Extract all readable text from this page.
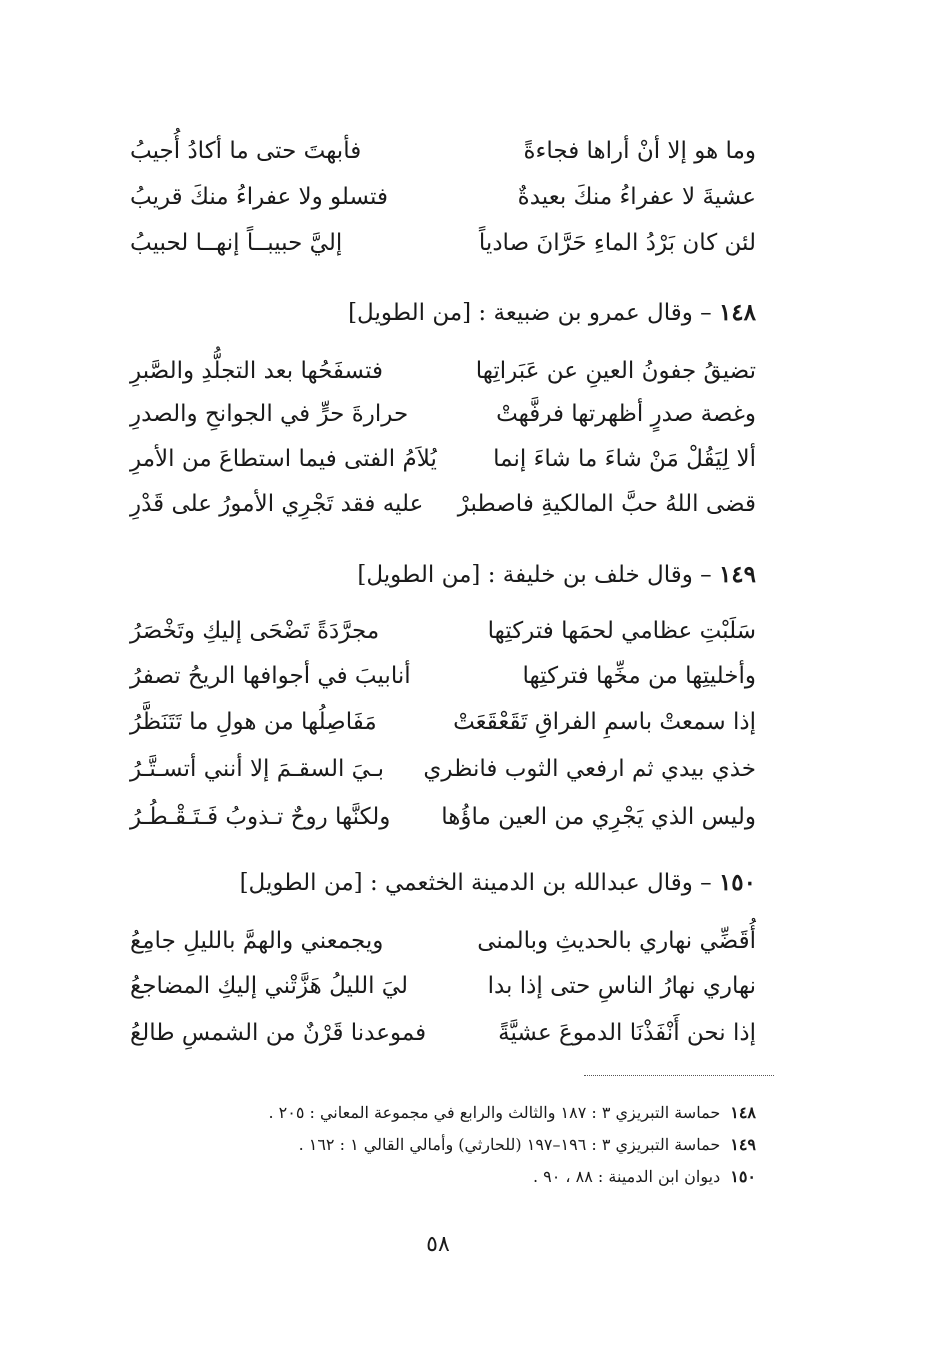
وما هو إلا أنْ أراها فجاءةً
فأبهتَ حتى ما أكادُ أُجيبُ
عشيةَ لا عفراءُ منكَ بعيدةٌ
فتسلو ولا عفراءُ منكَ قريبُ
لئن كان بَرْدُ الماءِ حَرَّانَ صادياً
إليَّ حبيبــاً إنهــا لحبيبُ
١٤٨ – وقال عمرو بن ضبيعة : [من الطويل]
تضيقُ جفونُ العينِ عن عَبَراتِها
فتسفَحُها بعد التجلُّدِ والصَّبرِ
وغصة صدرٍ أظهرتها فرفَّهتْ
حرارةَ حرٍّ في الجوانحِ والصدرِ
ألا لِيَقُلْ مَنْ شاءَ ما شاءَ إنما
يُلاَمُ الفتى فيما استطاعَ من الأمرِ
قضى اللهُ حبَّ المالكيةِ فاصطبرْ
عليه فقد تَجْرِي الأمورُ على قَدْرِ
١٤٩ – وقال خلف بن خليفة : [من الطويل]
سَلَبْتِ عظامي لحمَها فتركتِها
مجرَّدَةً تَضْحَى إليكِ وتَخْصَرُ
وأخليتِها من مخِّها فتركتِها
أنابيبَ في أجوافها الريحُ تصفرُ
إذا سمعتْ باسمِ الفراقِ تَقَعْقَعَتْ
مَفَاصِلُها من هولِ ما تَتَنَظَّرُ
خذي بيدي ثم ارفعي الثوب فانظري
بـيَ السقـمَ إلا أنني أتسـتَّـرُ
وليس الذي يَجْرِي من العين ماؤُها
ولكنَّها روحٌ تـذوبُ فَـتَـقْـطُـرُ
١٥٠ – وقال عبدالله بن الدمينة الخثعمي : [من الطويل]
أُقَضِّي نهاري بالحديثِ وبالمنى
ويجمعني والهمَّ بالليلِ جامِعُ
نهاري نهارُ الناسِ حتى إذا بدا
ليَ الليلُ هَزَّتْني إليكِ المضاجعُ
إذا نحن أَنْفَذْنَا الدموعَ عشيَّةً
فموعدنا قَرْنٌ من الشمسِ طالعُ
١٤٨حماسة التبريزي ٣ : ١٨٧ والثالث والرابع في مجموعة المعاني : ٢٠٥ .
١٤٩حماسة التبريزي ٣ : ١٩٦–١٩٧ (للحارثي) وأمالي القالي ١ : ١٦٢ .
١٥٠ديوان ابن الدمينة : ٨٨ ، ٩٠ .
٥٨
